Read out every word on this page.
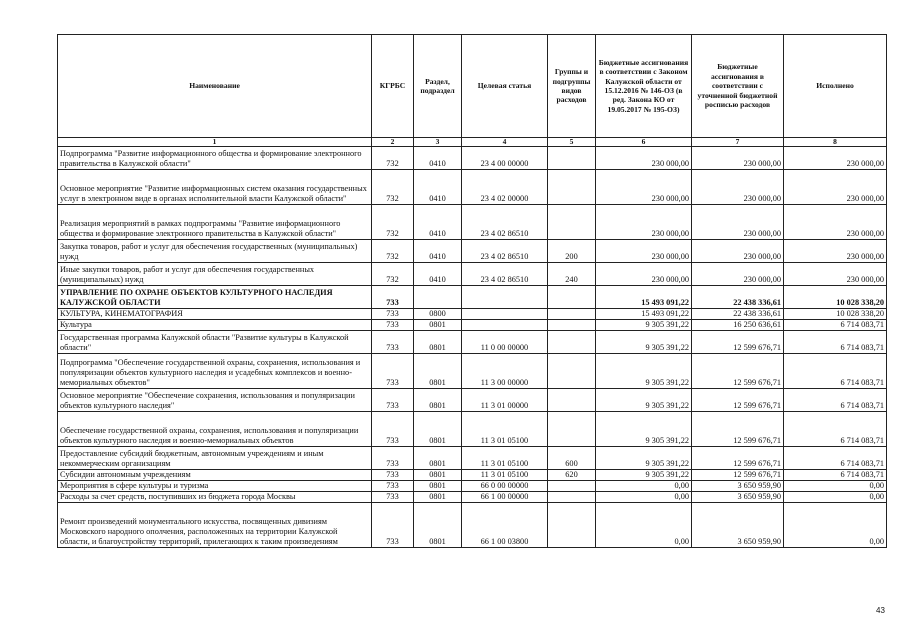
Наименование	КГРБС	Раздел, подраздел	Целевая статья	Группы и подгруппы видов расходов	Бюджетные ассигнования в соответствии с Законом Калужской области от 15.12.2016 № 146-ОЗ (в ред. Закона КО от 19.05.2017 № 195-ОЗ)	Бюджетные ассигнования в соответствии с уточненной бюджетной росписью расходов	Исполнено
1	2	3	4	5	6	7	8
Подпрограмма "Развитие информационного общества и формирование электронного правительства в Калужской области"	732	0410	23 4 00 00000		230 000,00	230 000,00	230 000,00
Основное мероприятие "Развитие информационных систем оказания государственных услуг в электронном виде в органах исполнительной власти Калужской области"	732	0410	23 4 02 00000		230 000,00	230 000,00	230 000,00
Реализация мероприятий в рамках подпрограммы "Развитие информационного общества и формирование электронного правительства в Калужской области"	732	0410	23 4 02 86510		230 000,00	230 000,00	230 000,00
Закупка товаров, работ и услуг для обеспечения государственных (муниципальных) нужд	732	0410	23 4 02 86510	200	230 000,00	230 000,00	230 000,00
Иные закупки товаров, работ и услуг для обеспечения государственных (муниципальных) нужд	732	0410	23 4 02 86510	240	230 000,00	230 000,00	230 000,00
УПРАВЛЕНИЕ ПО ОХРАНЕ ОБЪЕКТОВ КУЛЬТУРНОГО НАСЛЕДИЯ КАЛУЖСКОЙ ОБЛАСТИ	733				15 493 091,22	22 438 336,61	10 028 338,20
КУЛЬТУРА, КИНЕМАТОГРАФИЯ	733	0800			15 493 091,22	22 438 336,61	10 028 338,20
Культура	733	0801			9 305 391,22	16 250 636,61	6 714 083,71
Государственная программа Калужской области "Развитие культуры в Калужской области"	733	0801	11 0 00 00000		9 305 391,22	12 599 676,71	6 714 083,71
Подпрограмма "Обеспечение государственной охраны, сохранения, использования и популяризации объектов культурного наследия и усадебных комплексов и военно-мемориальных объектов"	733	0801	11 3 00 00000		9 305 391,22	12 599 676,71	6 714 083,71
Основное мероприятие "Обеспечение сохранения, использования и популяризации объектов культурного наследия"	733	0801	11 3 01 00000		9 305 391,22	12 599 676,71	6 714 083,71
Обеспечение государственной охраны, сохранения, использования и популяризации объектов культурного наследия и военно-мемориальных объектов	733	0801	11 3 01 05100		9 305 391,22	12 599 676,71	6 714 083,71
Предоставление субсидий бюджетным, автономным учреждениям и иным некоммерческим организациям	733	0801	11 3 01 05100	600	9 305 391,22	12 599 676,71	6 714 083,71
Субсидии автономным учреждениям	733	0801	11 3 01 05100	620	9 305 391,22	12 599 676,71	6 714 083,71
Мероприятия в сфере культуры и туризма	733	0801	66 0 00 00000		0,00	3 650 959,90	0,00
Расходы за счет средств, поступивших из бюджета города Москвы	733	0801	66 1 00 00000		0,00	3 650 959,90	0,00
Ремонт произведений монументального искусства, посвященных дивизиям Московского народного ополчения, расположенных на территории Калужской области, и благоустройству территорий, прилегающих к таким произведениям	733	0801	66 1 00 03800		0,00	3 650 959,90	0,00
43
